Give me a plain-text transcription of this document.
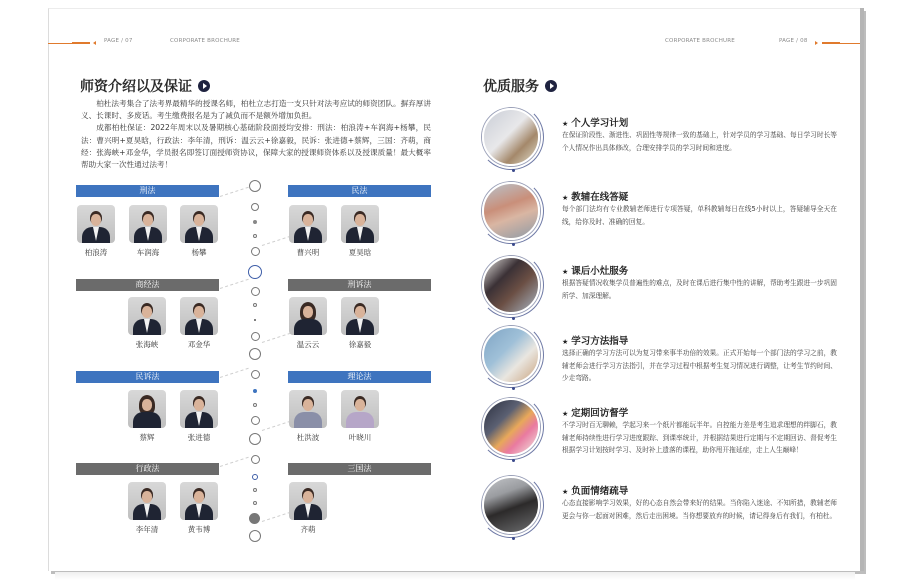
PAGE / 07	CORPORATE BROCHURE	CORPORATE BROCHURE	PAGE / 08
师资介绍以及保证

柏杜法考集合了法考界最精华的授课名师，柏杜立志打造一支只针对法考应试的师资团队。摒弃厚讲义、长课时、多废话。考生缴费报名是为了减负而不是额外增加负担。

成都柏杜保证：2022年周末以及暑期核心基础阶段面授均安排：刑法：柏浪涛+车润海+杨攀，民法：曹兴明+夏昊晗，行政法：李年清，刑诉：温云云+徐嘉毅，民诉：张进德+蔡辉，三国：齐萌，商经：张海峡+邓金华，学员报名即签订面授师资协议，保障大家的授课师资体系以及授课质量！最大概率帮助大家一次性通过法考！

刑法
柏浪涛	车润海	杨攀
民法
曹兴明	夏昊晗
商经法
张海峡	邓金华
刑诉法
温云云	徐嘉毅
民诉法
蔡辉	张进德
理论法
杜洪波	叶晓川
行政法
李年清	黄韦博
三国法
齐萌
优质服务
★ 个人学习计划
在保证阶段性、渐进性、巩固性等规律一致的基础上，针对学员的学习基础、每日学习时长等个人情况作出具体修改，合理安排学员的学习时间和进度。
★ 教辅在线答疑
每个部门法均有专业教辅老师进行专项答疑，单科教辅每日在线5小时以上，答疑辅导全天在线，给你及时、准确的回复。
★ 课后小灶服务
根据答疑情况收集学员普遍性的难点，及时在课后进行集中性的讲解，帮助考生跟进一步巩固所学、加深理解。
★ 学习方法指导
选择正确的学习方法可以为复习带来事半功倍的效果。正式开始每一个部门法的学习之前，教辅老师会进行学习方法指引，并在学习过程中根据考生复习情况进行调整，让考生节约时间、少走弯路。
★ 定期回访督学
不学习时百无聊赖，学起习来一个纸片都能玩半年。自控能力差是考生追求理想的绊脚石，教辅老师持续性进行学习进度跟踪、到课率统计，并根据结果进行定期与不定期回访、督促考生根据学习计划按时学习、及时补上遗落的课程，助你甩开拖延症，走上人生巅峰！
★ 负面情绪疏导
心态直接影响学习效果，好的心态自然会带来好的结果。当你陷入迷途、不知所措，教辅老师更会与你一起面对困难，然后走出困境。当你想要放弃的时候，请记得身后有我们，有柏杜。
